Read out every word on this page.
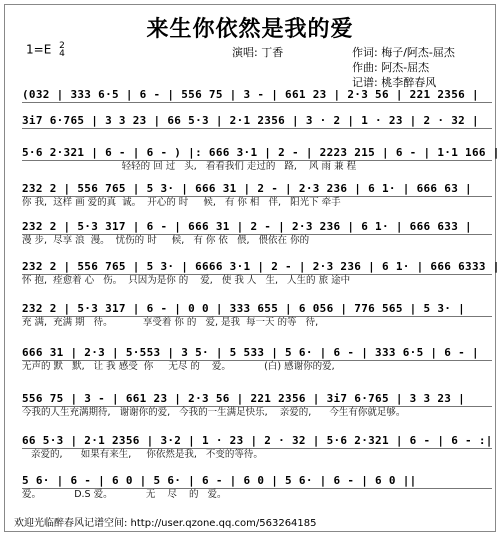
来生你依然是我的爱
1=E 2
4	演唱: 丁香	作词: 梅子/阿杰-屈杰
作曲: 阿杰-屈杰
记谱: 桃李醉春风
(032 | 333 6·5 | 6 - | 556 75 | 3 - | 661 23 | 2·3 56 | 221 2356 |
3i7 6·765 | 3 3 23 | 66 5·3 | 2·1 2356 | 3 · 2 | 1 · 23 | 2 · 32 |
5·6 2·321 | 6 - | 6 - ) |: 666 3·1 | 2 - | 2223 215 | 6 - | 1·1 166 |
轻轻的 回 过   头,   看看我们 走过的   路,    风 雨 兼 程
232 2 | 556 765 | 5 3· | 666 31 | 2 - | 2·3 236 | 6 1· | 666 63 |
你 我,  这样 画 爱的真  诚。  开心的 时     候,   有 你 相   伴,   阳光下 牵手
232 2 | 5·3 317 | 6 - | 666 31 | 2 - | 2·3 236 | 6 1· | 666 633 |
漫 步,  尽享 浪  漫。  忧伤的 时     候,   有 你 依   偎,   偎依在 你的
232 2 | 556 765 | 5 3· | 6666 3·1 | 2 - | 2·3 236 | 6 1· | 666 6333 |
怀 抱,  痊愈着 心   伤。  只因为是你 的    爱,   使 我 人   生,   人生的 旅 途中
232 2 | 5·3 317 | 6 - | 0 0 | 333 655 | 6 056 | 776 565 | 5 3· |
充 满,  充满 期   待。          享受着 你 的   爱, 是我  每一天 的等   待,
666 31 | 2·3 | 5·553 | 3 5· | 5 533 | 5 6· | 6 - | 333 6·5 | 6 - |
无声的 默   默,   让 我 感受  你     无尽 的    爱。           (白) 感谢你的爱,
556 75 | 3 - | 661 23 | 2·3 56 | 221 2356 | 3i7 6·765 | 3 3 23 |
今我的人生充满期待,   谢谢你的爱,   今我的一生满足快乐,    亲爱的,      今生有你就足够。
66 5·3 | 2·1 2356 | 3·2 | 1 · 23 | 2 · 32 | 5·6 2·321 | 6 - | 6 - :|
亲爱的,      如果有来生,     你依然是我,   不变的等待。
5 6· | 6 - | 6 0 | 5 6· | 6 - | 6 0 | 5 6· | 6 - | 6 0 ||
爱。           D.S 爱。           无    尽    的   爱。
欢迎光临醉春风记谱空间: http://user.qzone.qq.com/563264185
